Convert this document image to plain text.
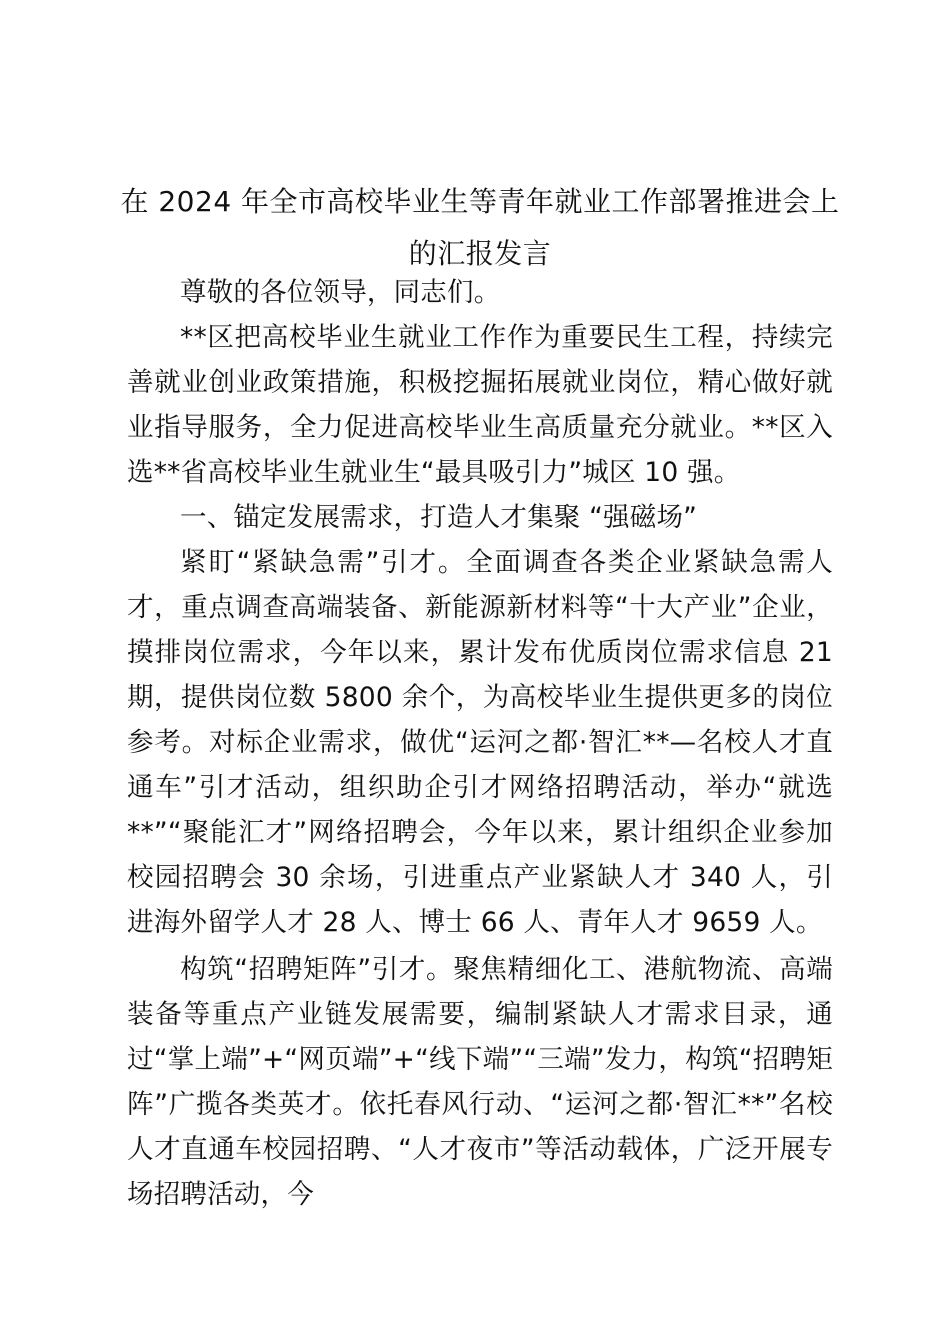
在 2024 年全市高校毕业生等青年就业工作部署推进会上的汇报发言

尊敬的各位领导，同志们。

**区把高校毕业生就业工作作为重要民生工程，持续完善就业创业政策措施，积极挖掘拓展就业岗位，精心做好就业指导服务，全力促进高校毕业生高质量充分就业。**区入选**省高校毕业生就业生“最具吸引力”城区 10 强。

一、锚定发展需求，打造人才集聚 “强磁场”

紧盯“紧缺急需”引才。全面调查各类企业紧缺急需人才，重点调查高端装备、新能源新材料等“十大产业”企业，摸排岗位需求，今年以来，累计发布优质岗位需求信息 21 期，提供岗位数 5800 余个，为高校毕业生提供更多的岗位参考。对标企业需求，做优“运河之都·智汇**—名校人才直通车”引才活动，组织助企引才网络招聘活动，举办“就选**”“聚能汇才”网络招聘会，今年以来，累计组织企业参加校园招聘会 30 余场，引进重点产业紧缺人才 340 人，引进海外留学人才 28 人、博士 66 人、青年人才 9659 人。

构筑“招聘矩阵”引才。聚焦精细化工、港航物流、高端装备等重点产业链发展需要，编制紧缺人才需求目录，通过“掌上端”+“网页端”+“线下端”“三端”发力，构筑“招聘矩阵”广揽各类英才。依托春风行动、“运河之都·智汇**”名校人才直通车校园招聘、“人才夜市”等活动载体，广泛开展专场招聘活动，今
